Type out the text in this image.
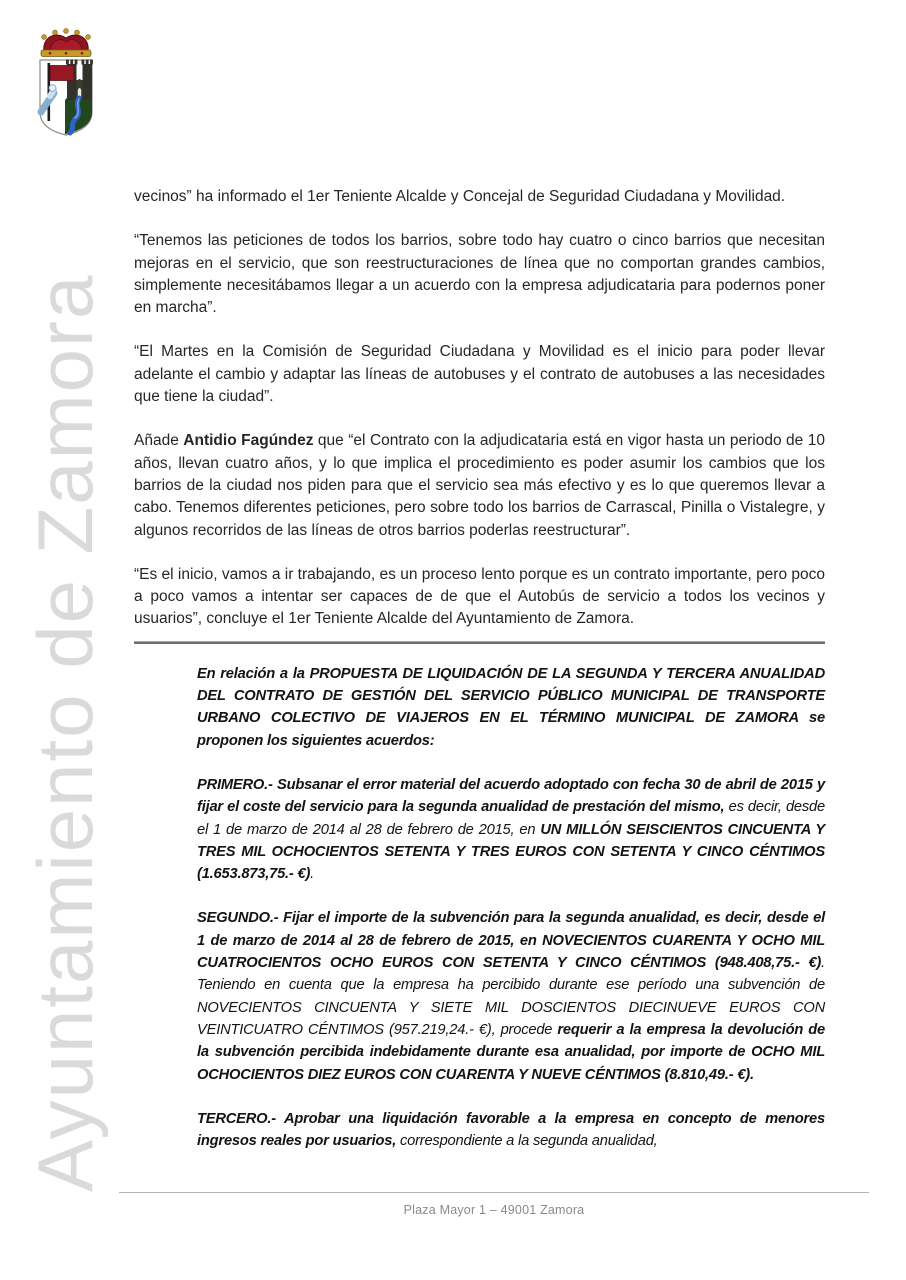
Ayuntamiento de Zamora

vecinos” ha informado el 1er Teniente Alcalde y Concejal de Seguridad Ciudadana y Movilidad.

“Tenemos las peticiones de todos los barrios, sobre todo hay cuatro o cinco barrios que necesitan mejoras en el servicio, que son reestructuraciones de línea que no comportan grandes cambios, simplemente necesitábamos llegar a un acuerdo con la empresa adjudicataria para podernos poner en marcha”.

“El Martes en la Comisión de Seguridad Ciudadana y Movilidad es el inicio para poder llevar adelante el cambio y adaptar las líneas de autobuses y el contrato de autobuses a las necesidades que tiene la ciudad”.

Añade Antidio Fagúndez que “el Contrato con la adjudicataria está en vigor hasta un periodo de 10 años, llevan cuatro años, y lo que implica el procedimiento es poder asumir los cambios que los barrios de la ciudad nos piden para que el servicio sea más efectivo y es lo que queremos llevar a cabo. Tenemos diferentes peticiones, pero sobre todo los barrios de Carrascal, Pinilla o Vistalegre, y algunos recorridos de las líneas de otros barrios poderlas reestructurar”.

“Es el inicio, vamos a ir trabajando, es un proceso lento porque es un contrato importante, pero poco a poco vamos a intentar ser capaces de de que el Autobús de servicio a todos los vecinos y usuarios”, concluye el 1er Teniente Alcalde del Ayuntamiento de Zamora.

En relación a la PROPUESTA DE LIQUIDACIÓN DE LA SEGUNDA Y TERCERA ANUALIDAD DEL CONTRATO DE GESTIÓN DEL SERVICIO PÚBLICO MUNICIPAL DE TRANSPORTE URBANO COLECTIVO DE VIAJEROS EN EL TÉRMINO MUNICIPAL DE ZAMORA se proponen los siguientes acuerdos:

PRIMERO.- Subsanar el error material del acuerdo adoptado con fecha 30 de abril de 2015 y fijar el coste del servicio para la segunda anualidad de prestación del mismo, es decir, desde el 1 de marzo de 2014 al 28 de febrero de 2015, en UN MILLÓN SEISCIENTOS CINCUENTA Y TRES MIL OCHOCIENTOS SETENTA Y TRES EUROS CON SETENTA Y CINCO CÉNTIMOS (1.653.873,75.- €).

SEGUNDO.- Fijar el importe de la subvención para la segunda anualidad, es decir, desde el 1 de marzo de 2014 al 28 de febrero de 2015, en NOVECIENTOS CUARENTA Y OCHO MIL CUATROCIENTOS OCHO EUROS CON SETENTA Y CINCO CÉNTIMOS (948.408,75.- €). Teniendo en cuenta que la empresa ha percibido durante ese período una subvención de NOVECIENTOS CINCUENTA Y SIETE MIL DOSCIENTOS DIECINUEVE EUROS CON VEINTICUATRO CÉNTIMOS (957.219,24.- €), procede requerir a la empresa la devolución de la subvención percibida indebidamente durante esa anualidad, por importe de OCHO MIL OCHOCIENTOS DIEZ EUROS CON CUARENTA Y NUEVE CÉNTIMOS (8.810,49.- €).

TERCERO.- Aprobar una liquidación favorable a la empresa en concepto de menores ingresos reales por usuarios, correspondiente a la segunda anualidad,

Plaza Mayor 1 – 49001 Zamora
